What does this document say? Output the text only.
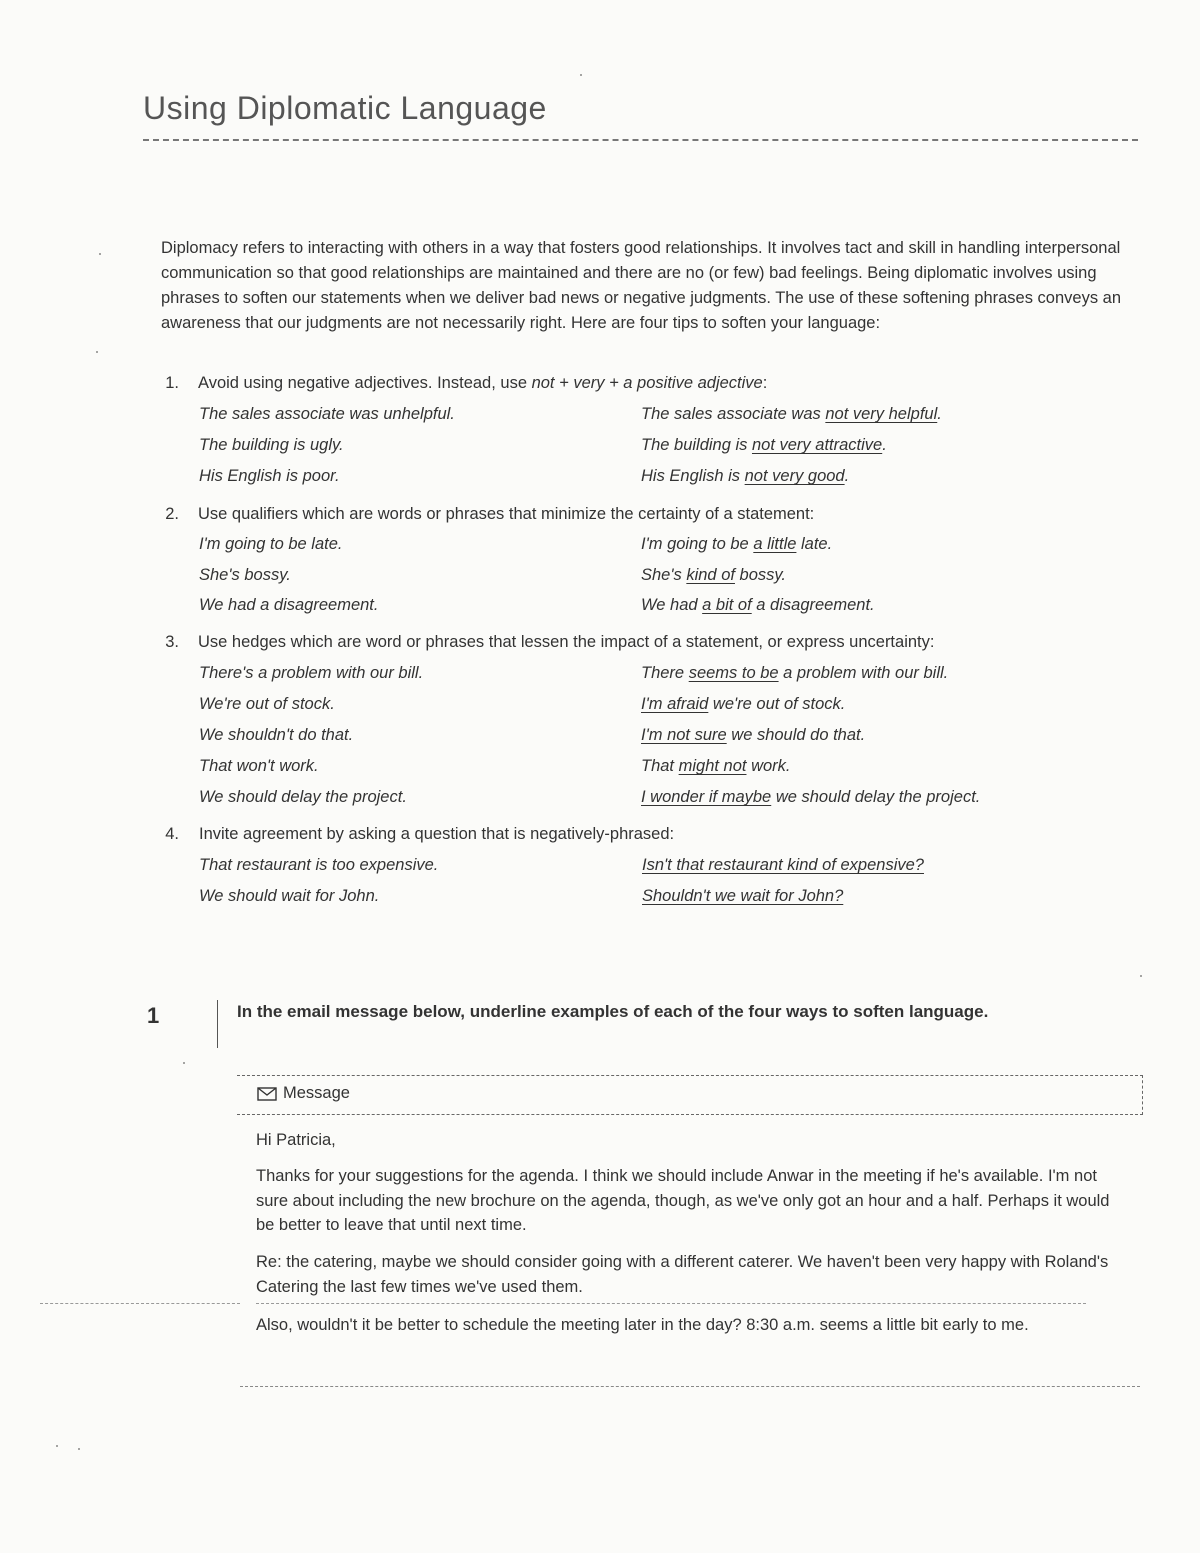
Using Diplomatic Language
Diplomacy refers to interacting with others in a way that fosters good relationships. It involves tact and skill in handling interpersonal communication so that good relationships are maintained and there are no (or few) bad feelings. Being diplomatic involves using phrases to soften our statements when we deliver bad news or negative judgments. The use of these softening phrases conveys an awareness that our judgments are not necessarily right. Here are four tips to soften your language:
1. Avoid using negative adjectives. Instead, use not + very + a positive adjective:
The sales associate was unhelpful.	The sales associate was not very helpful.
The building is ugly.	The building is not very attractive.
His English is poor.	His English is not very good.
2. Use qualifiers which are words or phrases that minimize the certainty of a statement:
I'm going to be late.	I'm going to be a little late.
She's bossy.	She's kind of bossy.
We had a disagreement.	We had a bit of a disagreement.
3. Use hedges which are word or phrases that lessen the impact of a statement, or express uncertainty:
There's a problem with our bill.	There seems to be a problem with our bill.
We're out of stock.	I'm afraid we're out of stock.
We shouldn't do that.	I'm not sure we should do that.
That won't work.	That might not work.
We should delay the project.	I wonder if maybe we should delay the project.
4. Invite agreement by asking a question that is negatively-phrased:
That restaurant is too expensive.	Isn't that restaurant kind of expensive?
We should wait for John.	Shouldn't we wait for John?
1	In the email message below, underline examples of each of the four ways to soften language.
Message
Hi Patricia,
Thanks for your suggestions for the agenda. I think we should include Anwar in the meeting if he's available. I'm not sure about including the new brochure on the agenda, though, as we've only got an hour and a half. Perhaps it would be better to leave that until next time.
Re: the catering, maybe we should consider going with a different caterer. We haven't been very happy with Roland's Catering the last few times we've used them.
Also, wouldn't it be better to schedule the meeting later in the day? 8:30 a.m. seems a little bit early to me.
